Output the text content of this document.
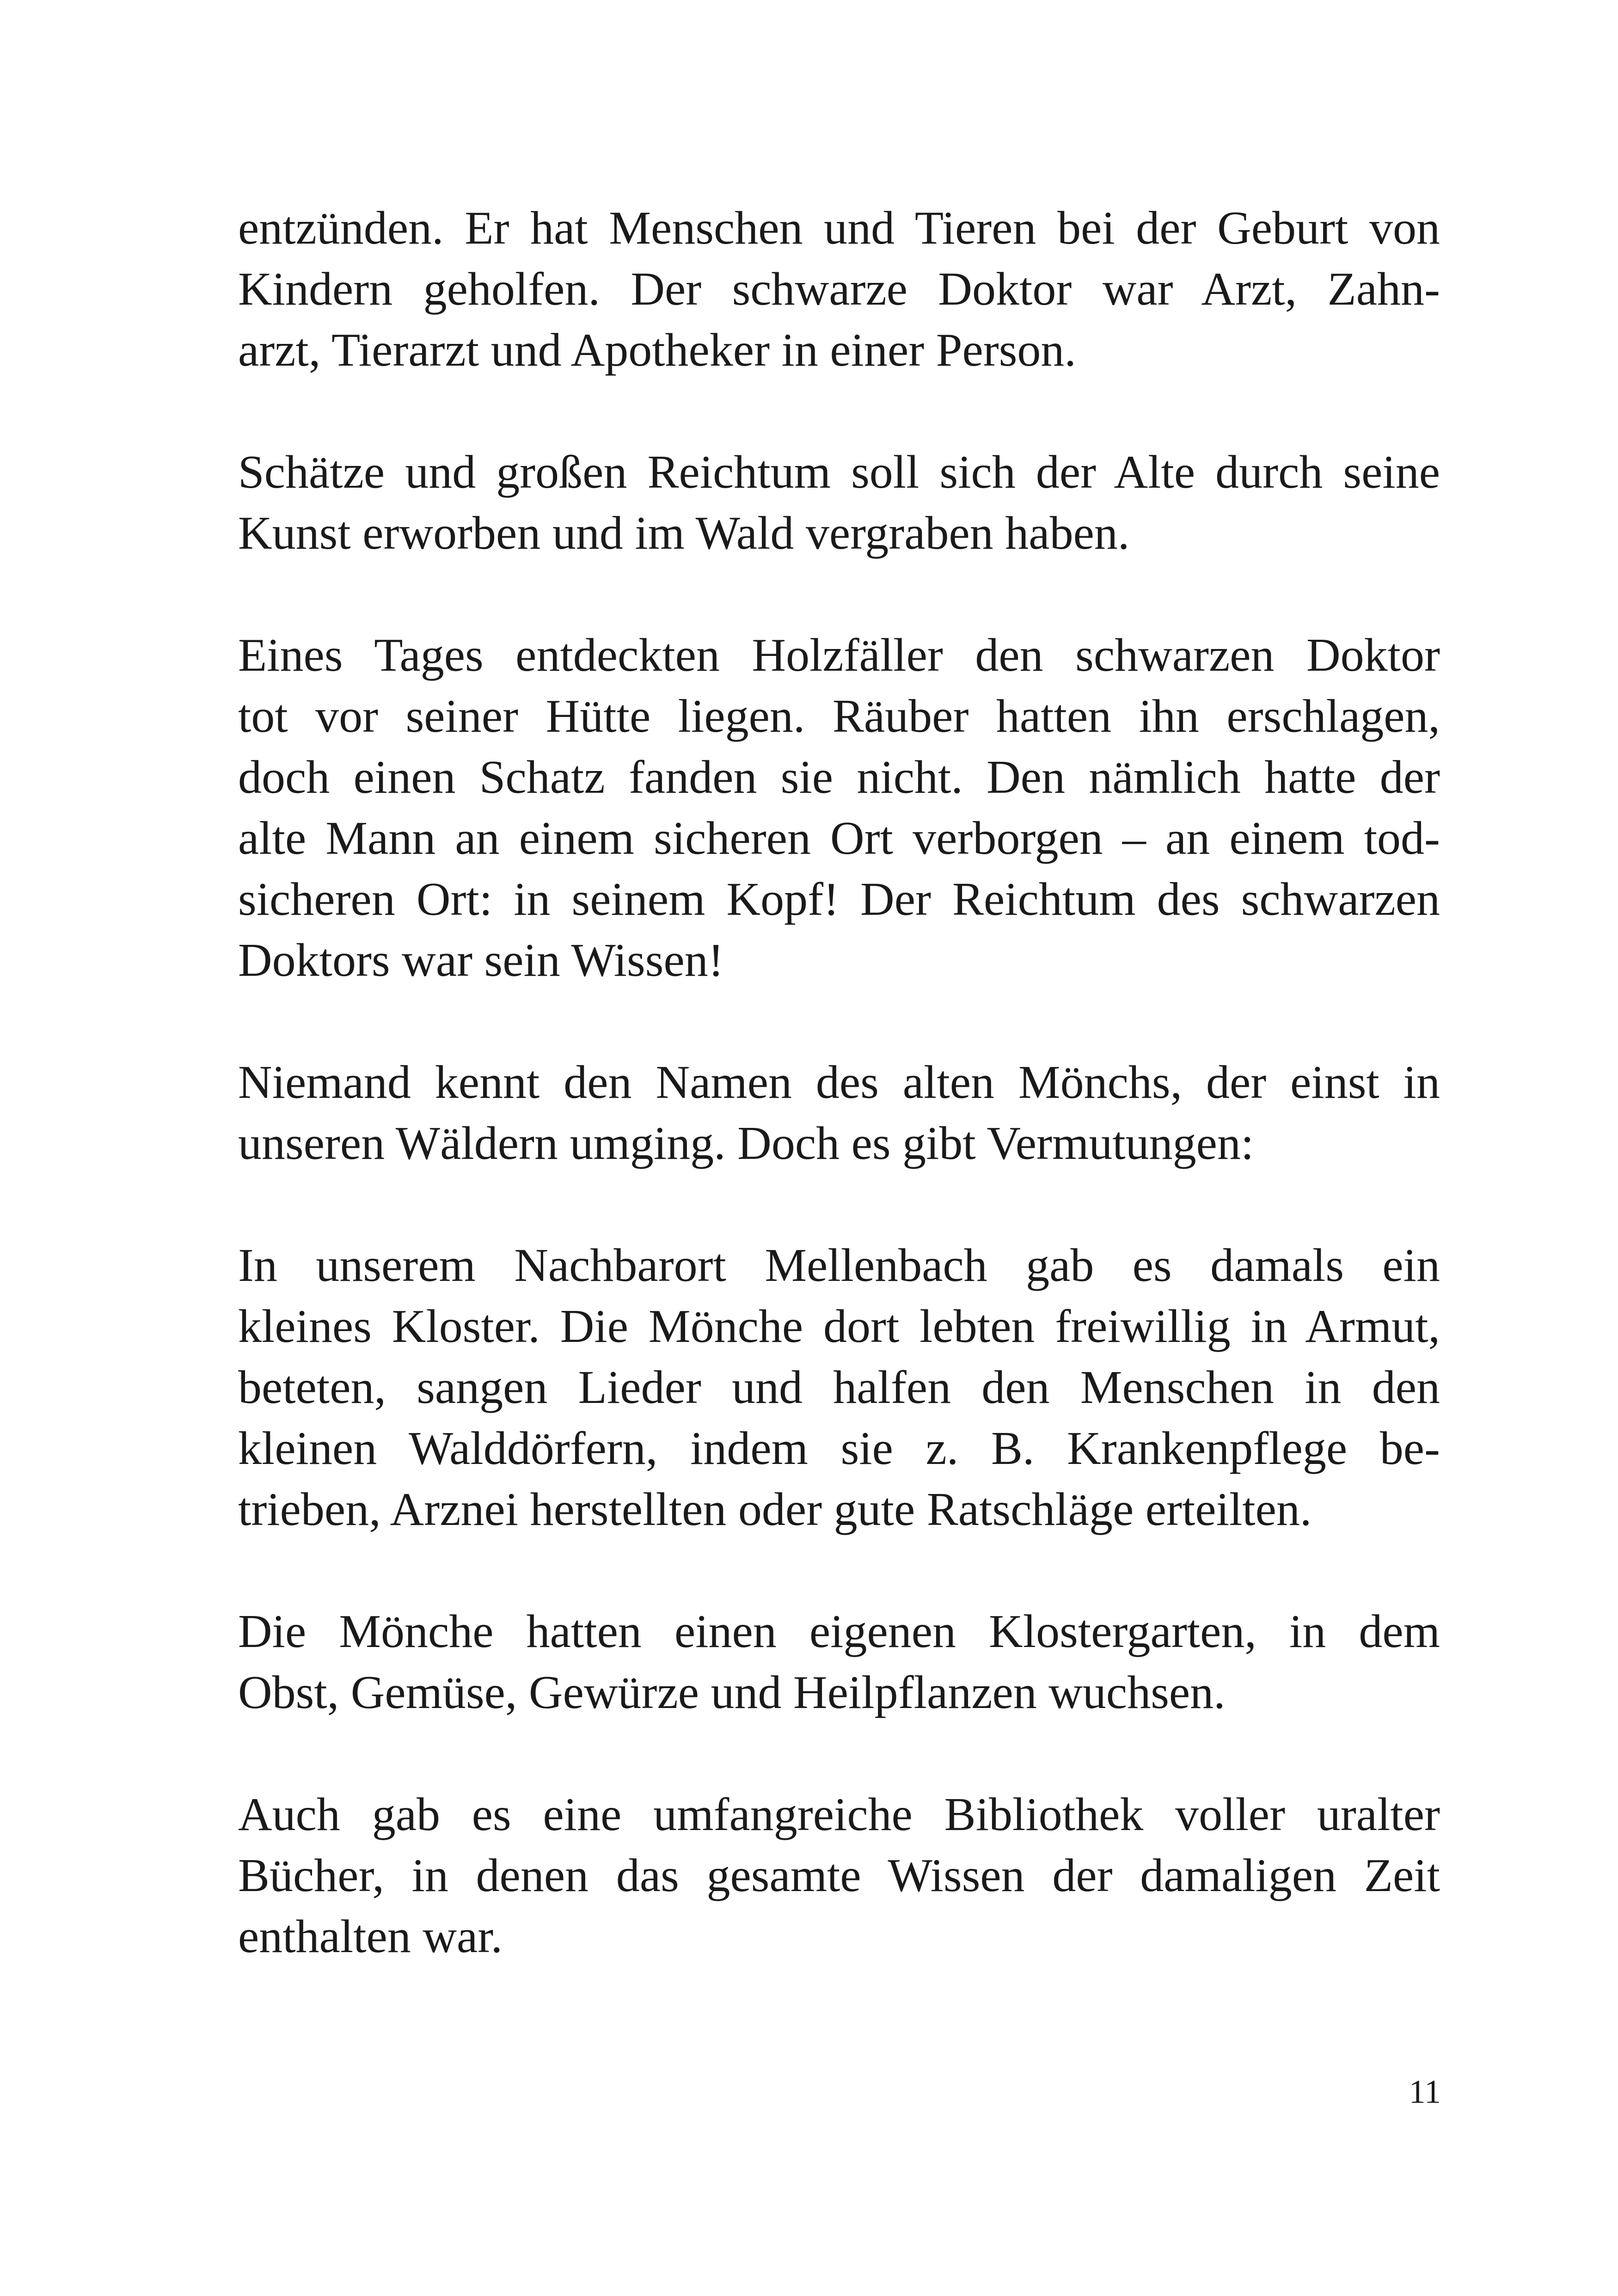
entzünden. Er hat Menschen und Tieren bei der Geburt von
Kindern geholfen. Der schwarze Doktor war Arzt, Zahn-
arzt, Tierarzt und Apotheker in einer Person.
Schätze und großen Reichtum soll sich der Alte durch seine
Kunst erworben und im Wald vergraben haben.
Eines Tages entdeckten Holzfäller den schwarzen Doktor
tot vor seiner Hütte liegen. Räuber hatten ihn erschlagen,
doch einen Schatz fanden sie nicht. Den nämlich hatte der
alte Mann an einem sicheren Ort verborgen – an einem tod-
sicheren Ort: in seinem Kopf! Der Reichtum des schwarzen
Doktors war sein Wissen!
Niemand kennt den Namen des alten Mönchs, der einst in
unseren Wäldern umging. Doch es gibt Vermutungen:
In unserem Nachbarort Mellenbach gab es damals ein
kleines Kloster. Die Mönche dort lebten freiwillig in Armut,
beteten, sangen Lieder und halfen den Menschen in den
kleinen Walddörfern, indem sie z. B. Krankenpflege be-
trieben, Arznei herstellten oder gute Ratschläge erteilten.
Die Mönche hatten einen eigenen Klostergarten, in dem
Obst, Gemüse, Gewürze und Heilpflanzen wuchsen.
Auch gab es eine umfangreiche Bibliothek voller uralter
Bücher, in denen das gesamte Wissen der damaligen Zeit
enthalten war.
11
